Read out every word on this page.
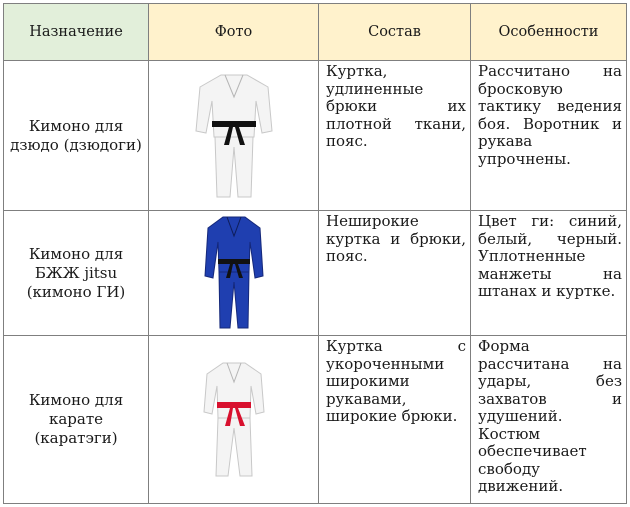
Назначение	Фото	Состав	Особенности
Кимоно для дзюдо (дзюдоги)		Куртка, удлиненные брюки их плотной ткани, пояс.	Рассчитано на бросковую тактику ведения боя. Воротник и рукава упрочнены.
Кимоно для БЖЖ jitsu (кимоно ГИ)		Неширокие куртка и брюки, пояс.	Цвет ги: синий, белый, черный. Уплотненные манжеты на штанах и куртке.
Кимоно для карате (каратэги)		Куртка с укороченными широкими рукавами, широкие брюки.	Форма рассчитана на удары, без захватов и удушений. Костюм обеспечивает свободу движений.
